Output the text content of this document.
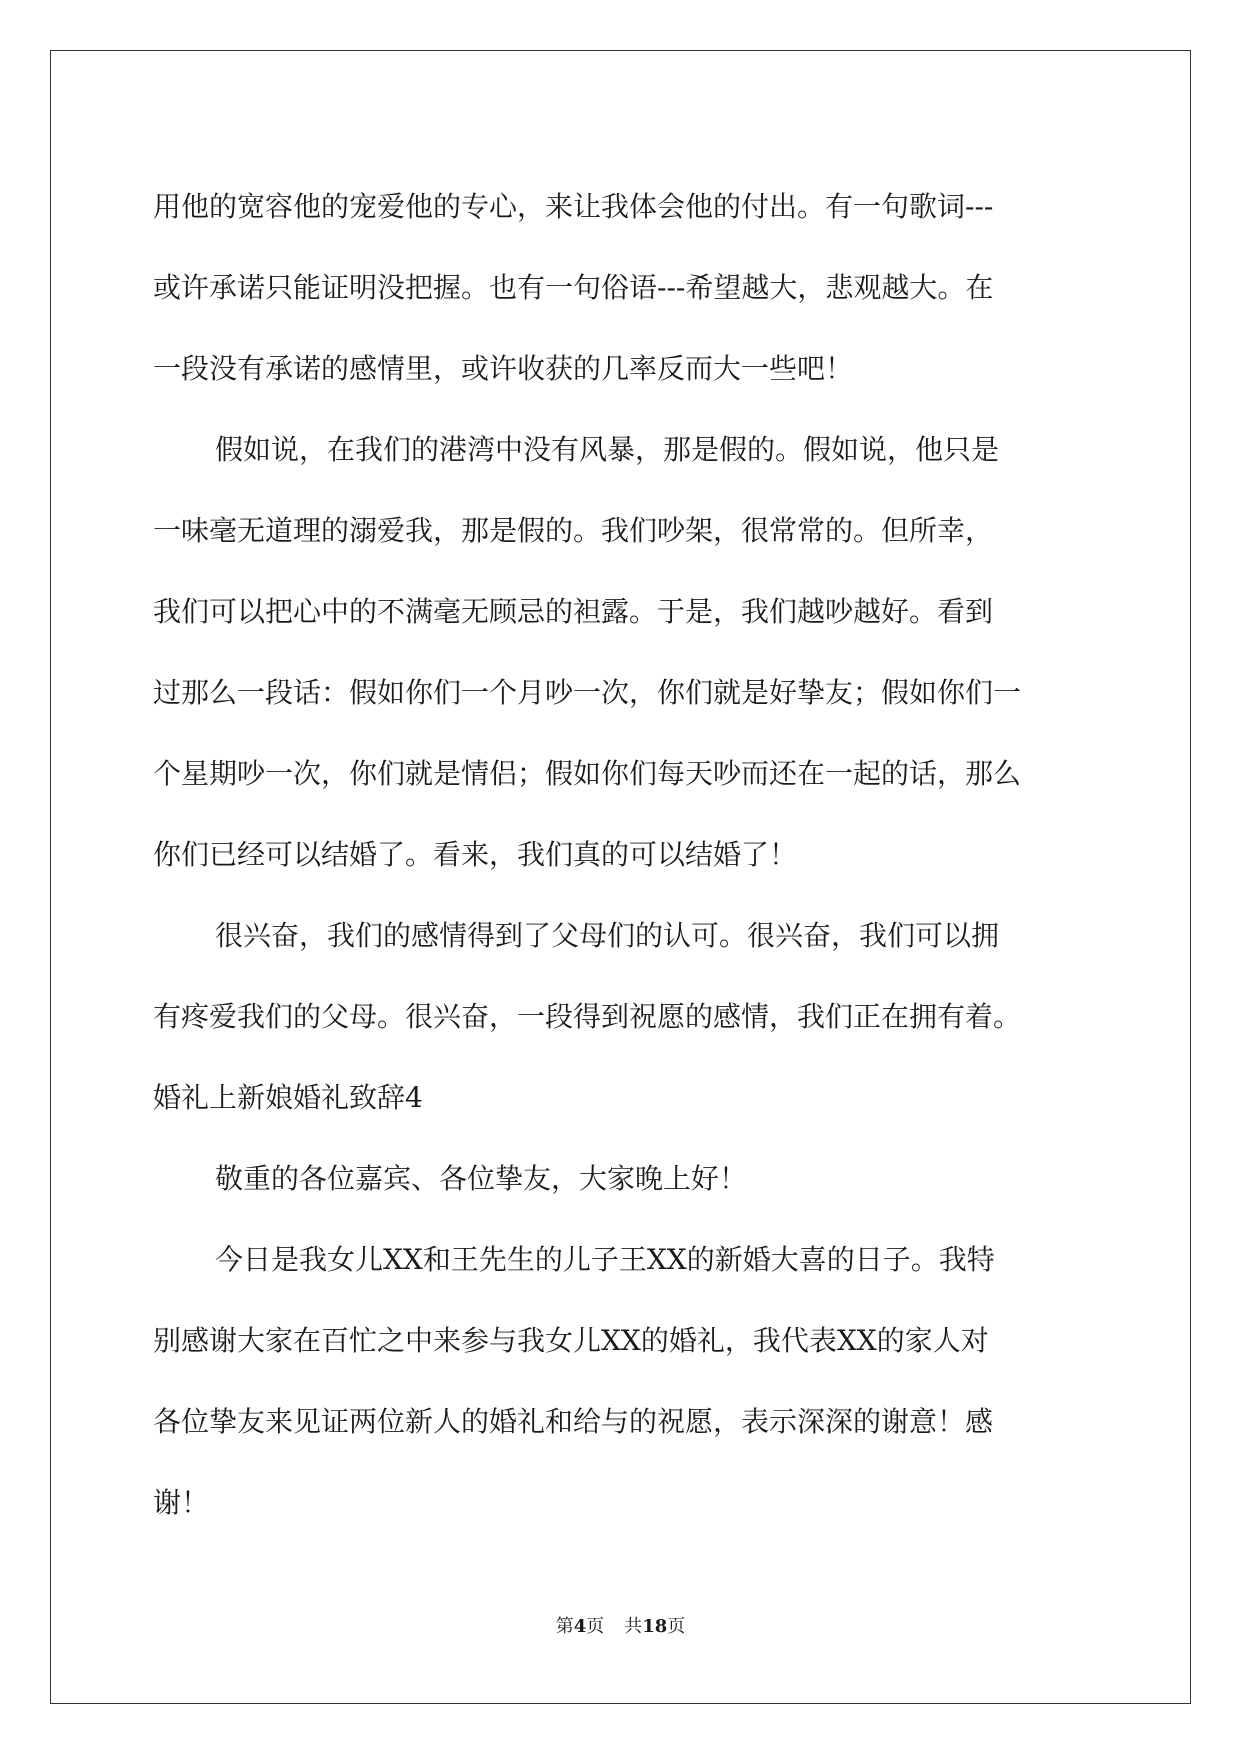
用他的宽容他的宠爱他的专心，来让我体会他的付出。有一句歌词---
或许承诺只能证明没把握。也有一句俗语---希望越大，悲观越大。在
一段没有承诺的感情里，或许收获的几率反而大一些吧！
假如说，在我们的港湾中没有风暴，那是假的。假如说，他只是
一味毫无道理的溺爱我，那是假的。我们吵架，很常常的。但所幸，
我们可以把心中的不满毫无顾忌的袒露。于是，我们越吵越好。看到
过那么一段话：假如你们一个月吵一次，你们就是好挚友；假如你们一
个星期吵一次，你们就是情侣；假如你们每天吵而还在一起的话，那么
你们已经可以结婚了。看来，我们真的可以结婚了！
很兴奋，我们的感情得到了父母们的认可。很兴奋，我们可以拥
有疼爱我们的父母。很兴奋，一段得到祝愿的感情，我们正在拥有着。
婚礼上新娘婚礼致辞4
敬重的各位嘉宾、各位挚友，大家晚上好！
今日是我女儿XX和王先生的儿子王XX的新婚大喜的日子。我特
别感谢大家在百忙之中来参与我女儿XX的婚礼，我代表XX的家人对
各位挚友来见证两位新人的婚礼和给与的祝愿，表示深深的谢意！感
谢！
第4页 共18页
